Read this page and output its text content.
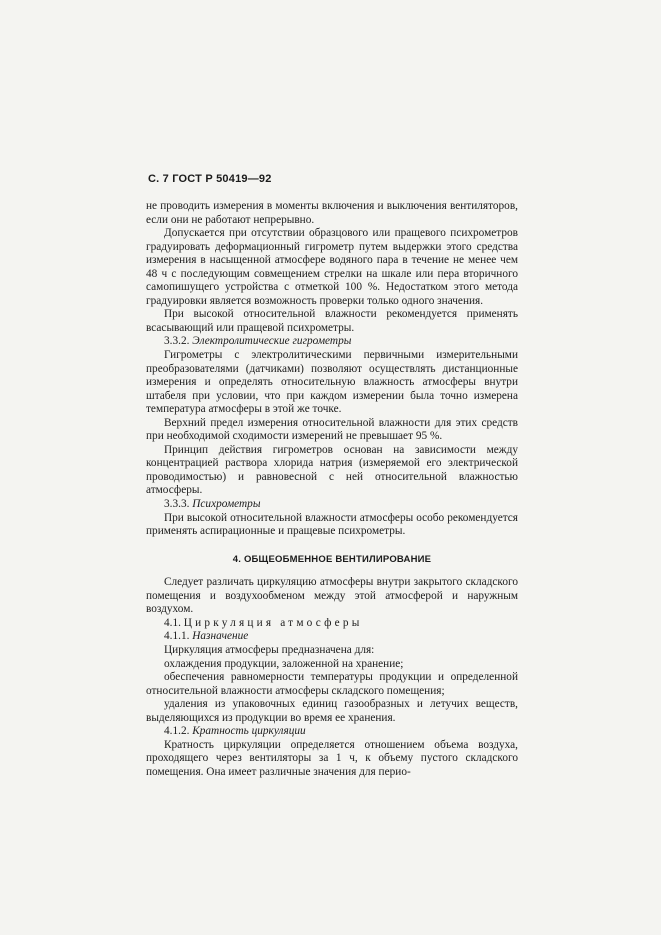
С. 7 ГОСТ Р 50419—92

не проводить измерения в моменты включения и выключения вентиляторов, если они не работают непрерывно.

Допускается при отсутствии образцового или пращевого психрометров градуировать деформационный гигрометр путем выдержки этого средства измерения в насыщенной атмосфере водяного пара в течение не менее чем 48 ч с последующим совмещением стрелки на шкале или пера вторичного самопишущего устройства с отметкой 100 %. Недостатком этого метода градуировки является возможность проверки только одного значения.

При высокой относительной влажности рекомендуется применять всасывающий или пращевой психрометры.

3.3.2. Электролитические гигрометры

Гигрометры с электролитическими первичными измерительными преобразователями (датчиками) позволяют осуществлять дистанционные измерения и определять относительную влажность атмосферы внутри штабеля при условии, что при каждом измерении была точно измерена температура атмосферы в этой же точке.

Верхний предел измерения относительной влажности для этих средств при необходимой сходимости измерений не превышает 95 %.

Принцип действия гигрометров основан на зависимости между концентрацией раствора хлорида натрия (измеряемой его электрической проводимостью) и равновесной с ней относительной влажностью атмосферы.

3.3.3. Психрометры

При высокой относительной влажности атмосферы особо рекомендуется применять аспирационные и пращевые психрометры.

4. ОБЩЕОБМЕННОЕ ВЕНТИЛИРОВАНИЕ

Следует различать циркуляцию атмосферы внутри закрытого складского помещения и воздухообменом между этой атмосферой и наружным воздухом.

4.1. Циркуляция атмосферы

4.1.1. Назначение

Циркуляция атмосферы предназначена для:

охлаждения продукции, заложенной на хранение;

обеспечения равномерности температуры продукции и определенной относительной влажности атмосферы складского помещения;

удаления из упаковочных единиц газообразных и летучих веществ, выделяющихся из продукции во время ее хранения.

4.1.2. Кратность циркуляции

Кратность циркуляции определяется отношением объема воздуха, проходящего через вентиляторы за 1 ч, к объему пустого складского помещения. Она имеет различные значения для перио-
